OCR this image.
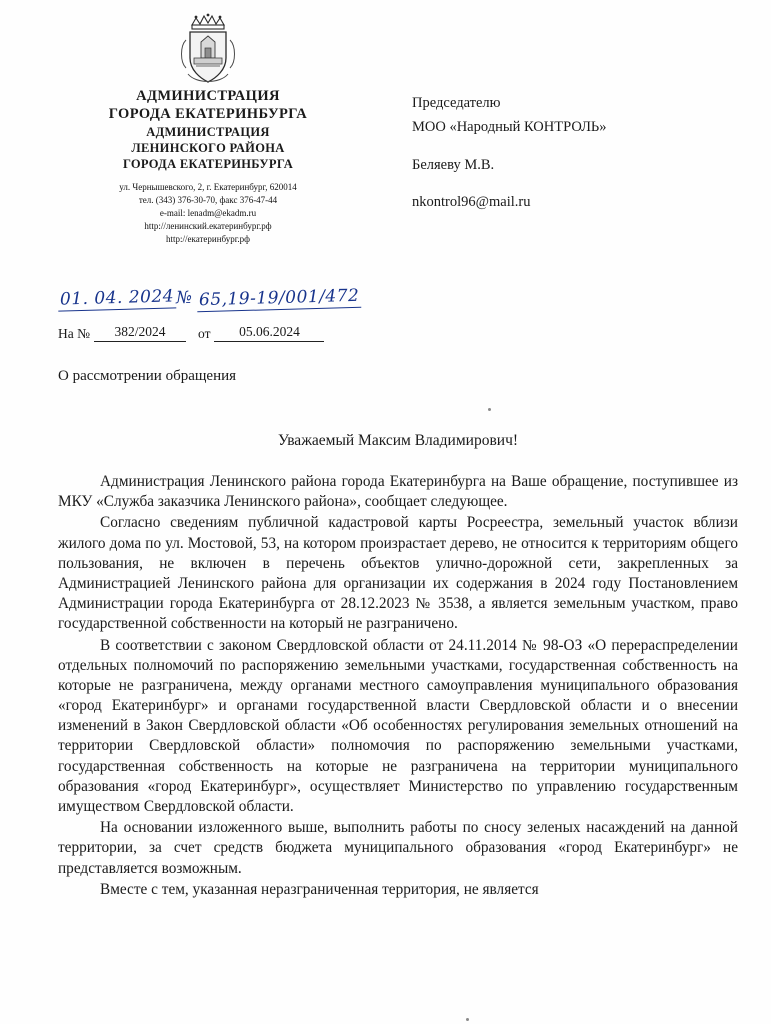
АДМИНИСТРАЦИЯ
ГОРОДА ЕКАТЕРИНБУРГА
АДМИНИСТРАЦИЯ
ЛЕНИНСКОГО РАЙОНА
ГОРОДА ЕКАТЕРИНБУРГА
ул. Чернышевского, 2, г. Екатеринбург, 620014
тел. (343) 376-30-70, факс 376-47-44
e-mail: lenadm@ekadm.ru
http://ленинский.екатеринбург.рф
http://екатеринбург.рф
Председателю
МОО «Народный КОНТРОЛЬ»
Беляеву М.В.
nkontrol96@mail.ru
01. 04. 2024№ 65,19-19/001/472
На №	382/2024	от	05.06.2024
О рассмотрении обращения
Уважаемый Максим Владимирович!

Администрация Ленинского района города Екатеринбурга на Ваше обращение, поступившее из МКУ «Служба заказчика Ленинского района», сообщает следующее.

Согласно сведениям публичной кадастровой карты Росреестра, земельный участок вблизи жилого дома по ул. Мостовой, 53, на котором произрастает дерево, не относится к территориям общего пользования, не включен в перечень объектов улично-дорожной сети, закрепленных за Администрацией Ленинского района для организации их содержания в 2024 году Постановлением Администрации города Екатеринбурга от 28.12.2023 № 3538, а является земельным участком, право государственной собственности на который не разграничено.

В соответствии с законом Свердловской области от 24.11.2014 № 98-ОЗ «О перераспределении отдельных полномочий по распоряжению земельными участками, государственная собственность на которые не разграничена, между органами местного самоуправления муниципального образования «город Екатеринбург» и органами государственной власти Свердловской области и о внесении изменений в Закон Свердловской области «Об особенностях регулирования земельных отношений на территории Свердловской области» полномочия по распоряжению земельными участками, государственная собственность на которые не разграничена на территории муниципального образования «город Екатеринбург», осуществляет Министерство по управлению государственным имуществом Свердловской области.

На основании изложенного выше, выполнить работы по сносу зеленых насаждений на данной территории, за счет средств бюджета муниципального образования «город Екатеринбург» не представляется возможным.

Вместе с тем, указанная неразграниченная территория, не является
